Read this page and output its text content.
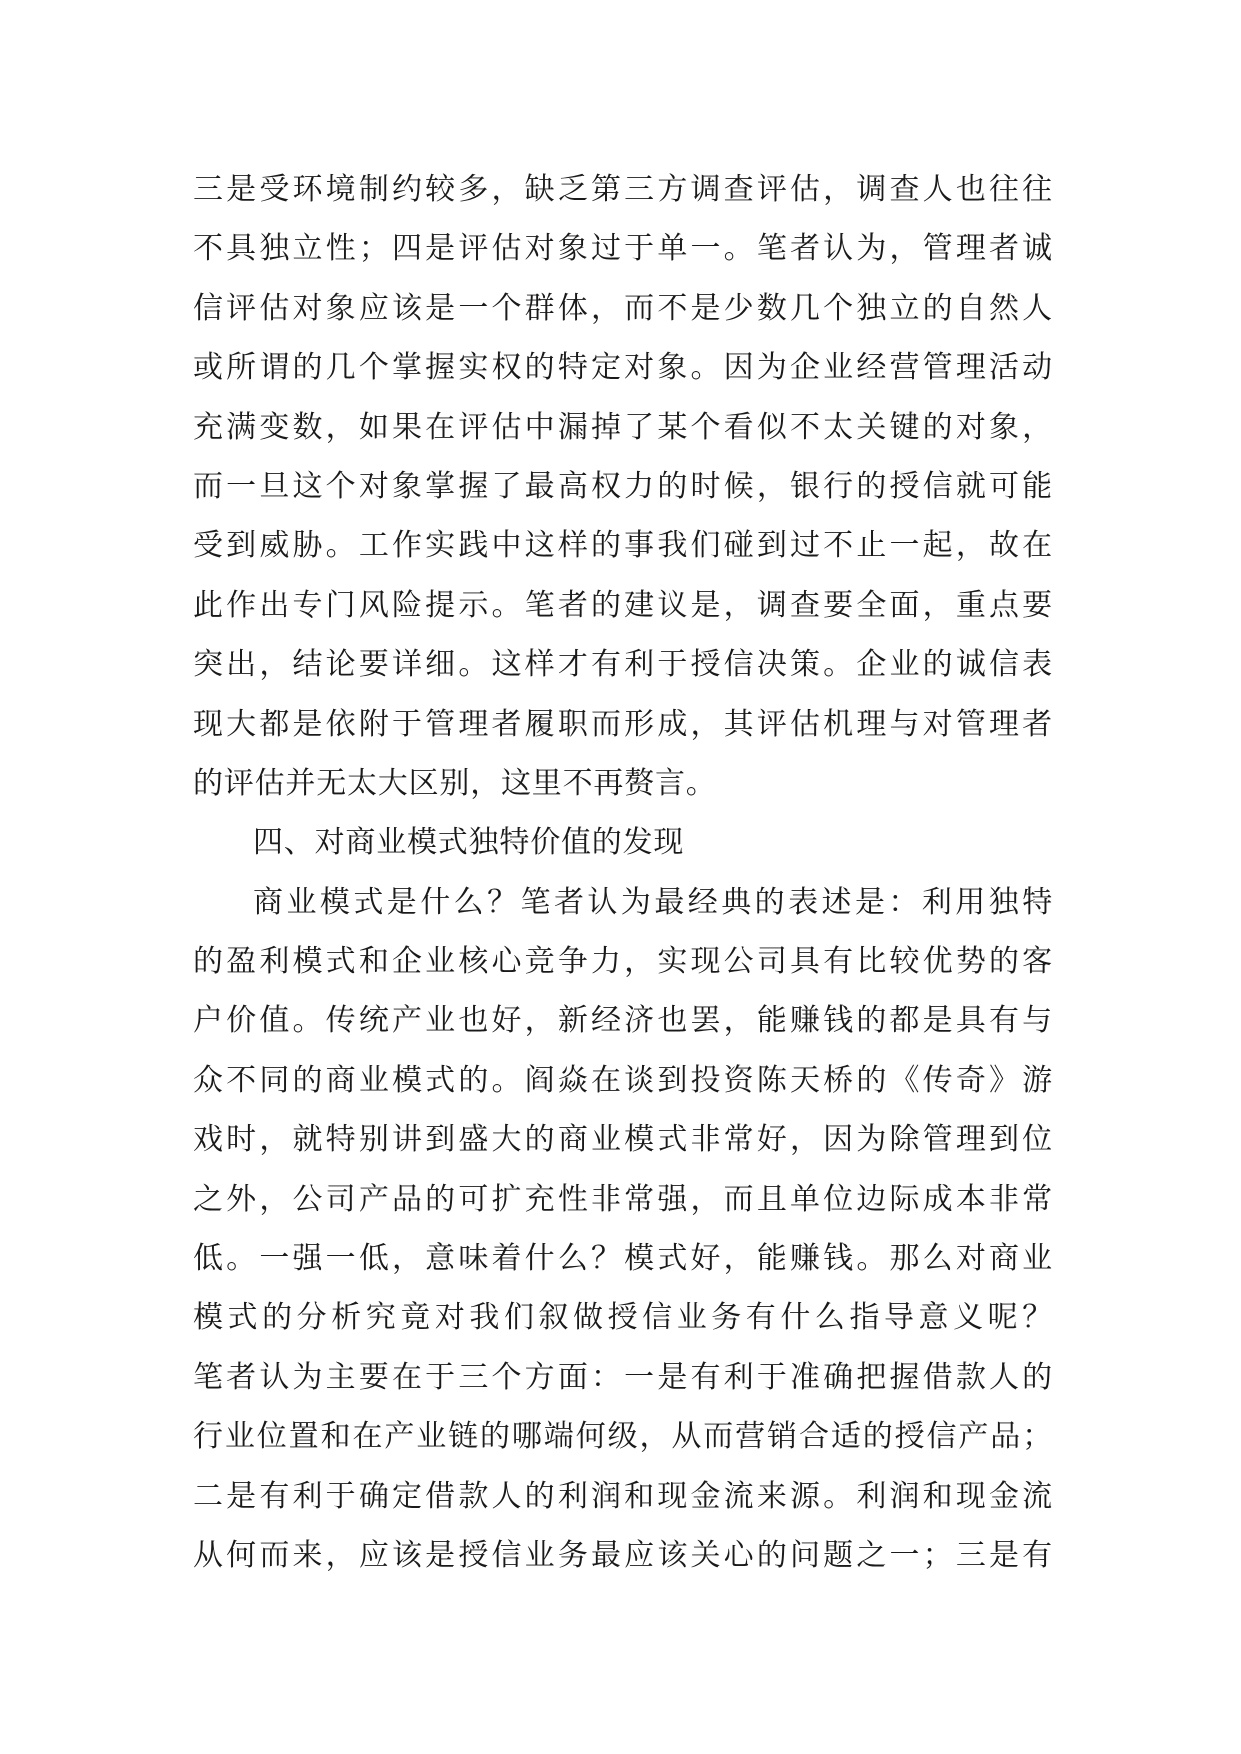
三是受环境制约较多，缺乏第三方调查评估，调查人也往往
不具独立性；四是评估对象过于单一。笔者认为，管理者诚
信评估对象应该是一个群体，而不是少数几个独立的自然人
或所谓的几个掌握实权的特定对象。因为企业经营管理活动
充满变数，如果在评估中漏掉了某个看似不太关键的对象，
而一旦这个对象掌握了最高权力的时候，银行的授信就可能
受到威胁。工作实践中这样的事我们碰到过不止一起，故在
此作出专门风险提示。笔者的建议是，调查要全面，重点要
突出，结论要详细。这样才有利于授信决策。企业的诚信表
现大都是依附于管理者履职而形成，其评估机理与对管理者
的评估并无太大区别，这里不再赘言。
四、对商业模式独特价值的发现
商业模式是什么？笔者认为最经典的表述是：利用独特
的盈利模式和企业核心竞争力，实现公司具有比较优势的客
户价值。传统产业也好，新经济也罢，能赚钱的都是具有与
众不同的商业模式的。阎焱在谈到投资陈天桥的《传奇》游
戏时，就特别讲到盛大的商业模式非常好，因为除管理到位
之外，公司产品的可扩充性非常强，而且单位边际成本非常
低。一强一低，意味着什么？模式好，能赚钱。那么对商业
模式的分析究竟对我们叙做授信业务有什么指导意义呢？
笔者认为主要在于三个方面：一是有利于准确把握借款人的
行业位置和在产业链的哪端何级，从而营销合适的授信产品；
二是有利于确定借款人的利润和现金流来源。利润和现金流
从何而来，应该是授信业务最应该关心的问题之一；三是有
